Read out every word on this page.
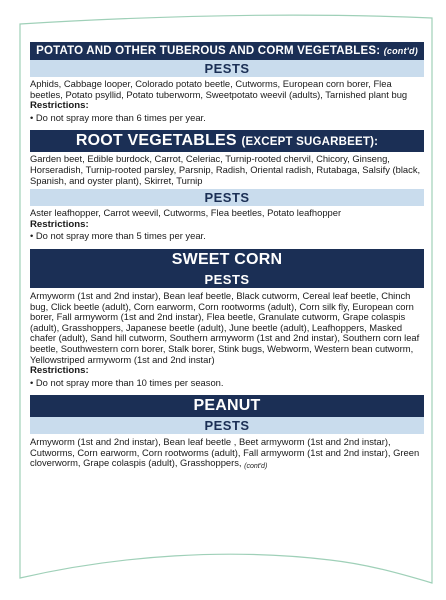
POTATO AND OTHER TUBEROUS AND CORM VEGETABLES: (cont'd)
PESTS

Aphids, Cabbage looper, Colorado potato beetle, Cutworms, European corn borer, Flea beetles, Potato psyllid, Potato tuberworm, Sweetpotato weevil (adults), Tarnished plant bug

Restrictions:

• Do not spray more than 6 times per year.

ROOT VEGETABLES (EXCEPT SUGARBEET):

Garden beet, Edible burdock, Carrot, Celeriac, Turnip-rooted chervil, Chicory, Ginseng, Horseradish, Turnip-rooted parsley, Parsnip, Radish, Oriental radish, Rutabaga, Salsify (black, Spanish, and oyster plant), Skirret, Turnip

PESTS

Aster leafhopper, Carrot weevil, Cutworms, Flea beetles, Potato leafhopper

Restrictions:

• Do not spray more than 5 times per year.

SWEET CORN
PESTS

Armyworm (1st and 2nd instar), Bean leaf beetle, Black cutworm, Cereal leaf beetle, Chinch bug, Click beetle (adult), Corn earworm, Corn rootworms (adult), Corn silk fly, European corn borer, Fall armyworm (1st and 2nd instar), Flea beetle, Granulate cutworm, Grape colaspis (adult), Grasshoppers, Japanese beetle (adult), June beetle (adult), Leafhoppers, Masked chafer (adult), Sand hill cutworm, Southern armyworm (1st and 2nd instar), Southern corn leaf beetle, Southwestern corn borer, Stalk borer, Stink bugs, Webworm, Western bean cutworm, Yellowstriped armyworm (1st and 2nd instar)

Restrictions:

• Do not spray more than 10 times per season.

PEANUT
PESTS

Armyworm (1st and 2nd instar), Bean leaf beetle , Beet armyworm (1st and 2nd instar), Cutworms, Corn earworm, Corn rootworms (adult), Fall armyworm (1st and 2nd instar), Green cloverworm, Grape colaspis (adult), Grasshoppers, $_{(cont'd)}$
